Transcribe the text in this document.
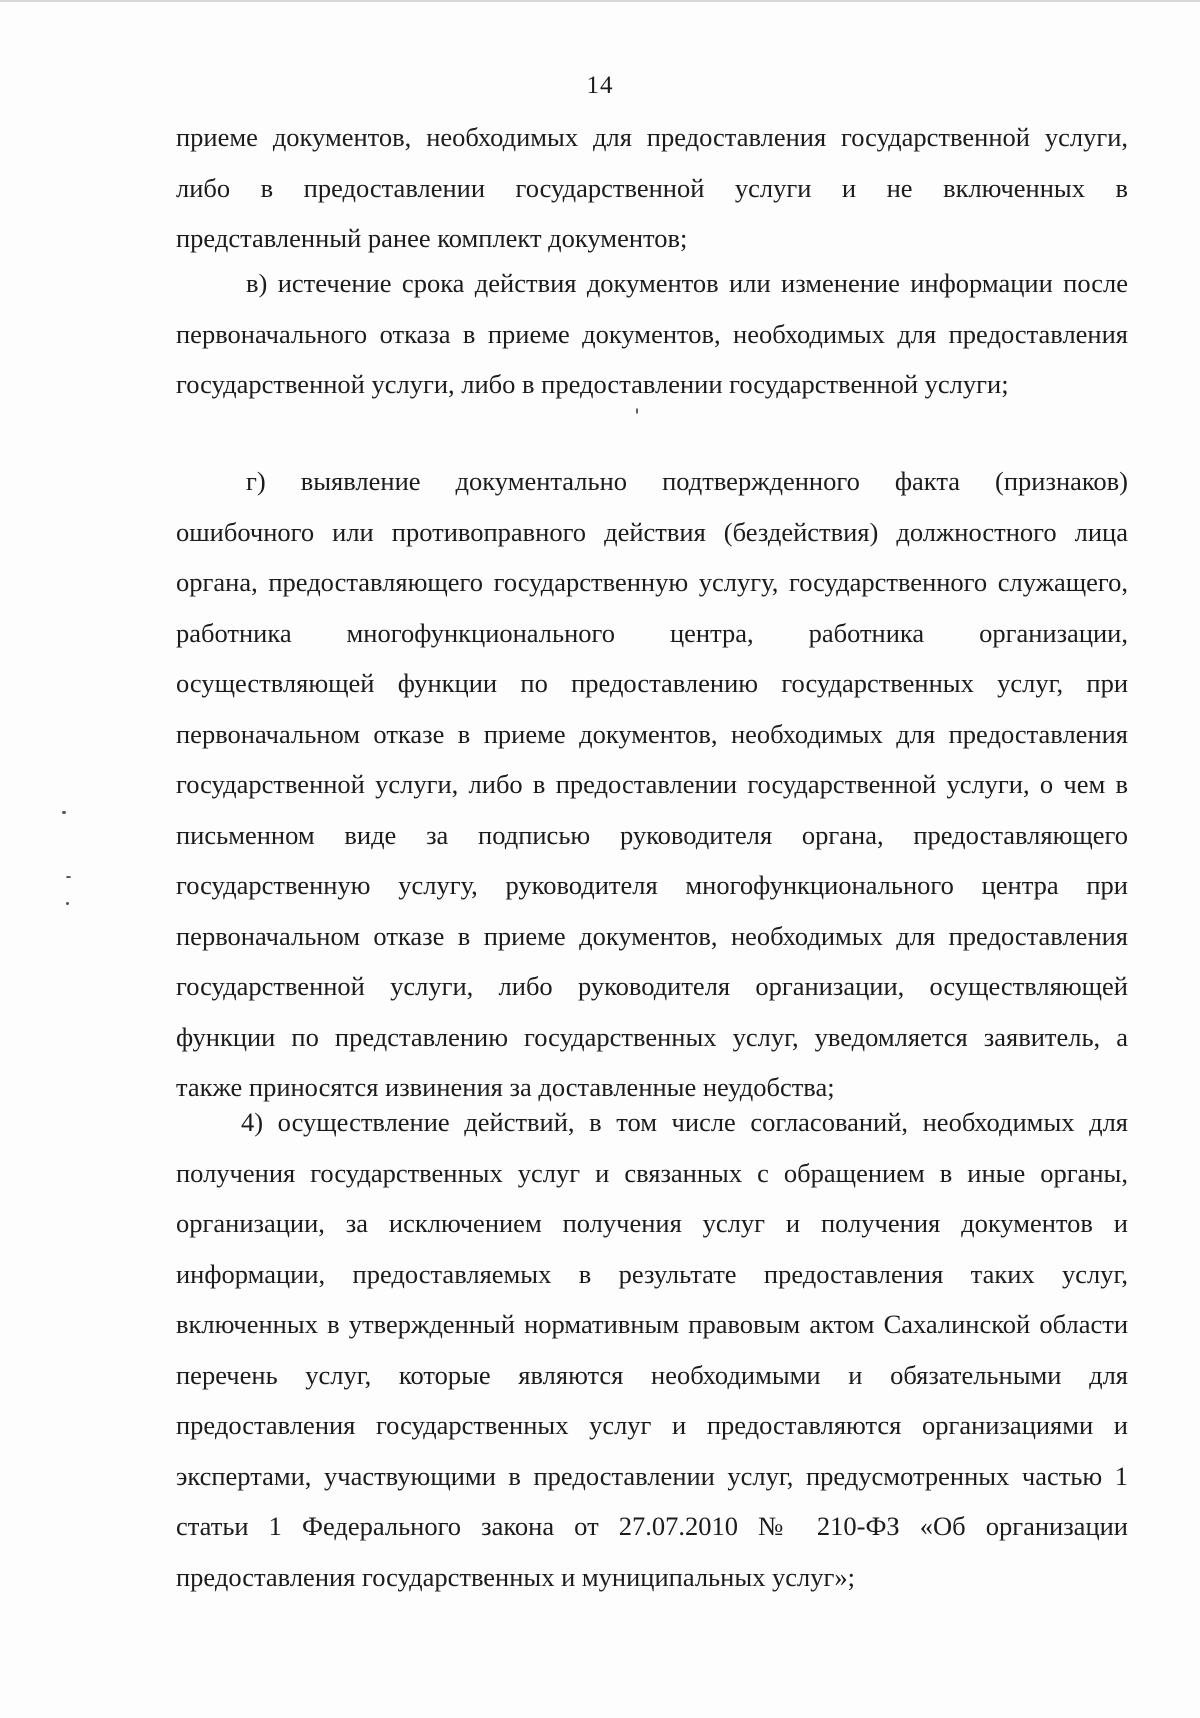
14

приеме документов, необходимых для предоставления государственной услуги, либо в предоставлении государственной услуги и не включенных в представленный ранее комплект документов;

в) истечение срока действия документов или изменение информации после первоначального отказа в приеме документов, необходимых для предоставления государственной услуги, либо в предоставлении государственной услуги;

г) выявление документально подтвержденного факта (признаков) ошибочного или противоправного действия (бездействия) должностного лица органа, предоставляющего государственную услугу, государственного служащего, работника многофункционального центра, работника организации, осуществляющей функции по предоставлению государственных услуг, при первоначальном отказе в приеме документов, необходимых для предоставления государственной услуги, либо в предоставлении государственной услуги, о чем в письменном виде за подписью руководителя органа, предоставляющего государственную услугу, руководителя многофункционального центра при первоначальном отказе в приеме документов, необходимых для предоставления государственной услуги, либо руководителя организации, осуществляющей функции по представлению государственных услуг, уведомляется заявитель, а также приносятся извинения за доставленные неудобства;

4) осуществление действий, в том числе согласований, необходимых для получения государственных услуг и связанных с обращением в иные органы, организации, за исключением получения услуг и получения документов и информации, предоставляемых в результате предоставления таких услуг, включенных в утвержденный нормативным правовым актом Сахалинской области перечень услуг, которые являются необходимыми и обязательными для предоставления государственных услуг и предоставляются организациями и экспертами, участвующими в предоставлении услуг, предусмотренных частью 1 статьи 1 Федерального закона от 27.07.2010 № 210-ФЗ «Об организации предоставления государственных и муниципальных услуг»;
